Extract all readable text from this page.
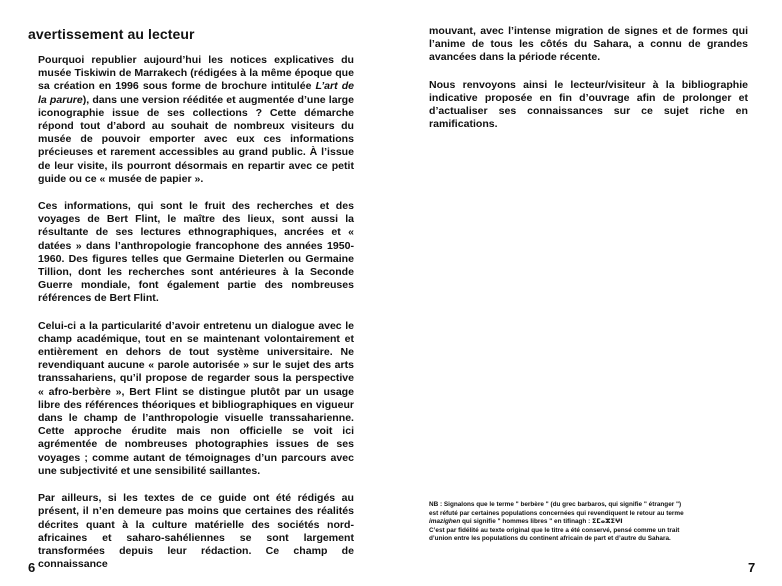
avertissement au lecteur

Pourquoi republier aujourd’hui les notices explicatives du musée Tiskiwin de Marrakech (rédigées à la même époque que sa création en 1996 sous forme de brochure intitulée L’art de la parure), dans une version rééditée et augmentée d’une large iconographie issue de ses collections ? Cette démarche répond tout d’abord au souhait de nombreux visiteurs du musée de pouvoir emporter avec eux ces informations précieuses et rarement accessibles au grand public. À l’issue de leur visite, ils pourront désormais en repartir avec ce petit guide ou ce « musée de papier ».

Ces informations, qui sont le fruit des recherches et des voyages de Bert Flint, le maître des lieux, sont aussi la résultante de ses lectures ethnographiques, ancrées et « datées » dans l’anthropologie francophone des années 1950-1960. Des figures telles que Germaine Dieterlen ou Germaine Tillion, dont les recherches sont antérieures à la Seconde Guerre mondiale, font également partie des nombreuses références de Bert Flint.

Celui-ci a la particularité d’avoir entretenu un dialogue avec le champ académique, tout en se maintenant volontairement et entièrement en dehors de tout système universitaire. Ne revendiquant aucune « parole autorisée » sur le sujet des arts transsahariens, qu’il propose de regarder sous la perspective « afro-berbère », Bert Flint se distingue plutôt par un usage libre des références théoriques et bibliographiques en vigueur dans le champ de l’anthropologie visuelle transsaharienne. Cette approche érudite mais non officielle se voit ici agrémentée de nombreuses photographies issues de ses voyages ; comme autant de témoignages d’un parcours avec une subjectivité et une sensibilité saillantes.

Par ailleurs, si les textes de ce guide ont été rédigés au présent, il n’en demeure pas moins que certaines des réalités décrites quant à la culture matérielle des sociétés nord-africaines et saharo-sahéliennes se sont largement transformées depuis leur rédaction. Ce champ de connaissance

6

mouvant, avec l’intense migration de signes et de formes qui l’anime de tous les côtés du Sahara, a connu de grandes avancées dans la période récente.

Nous renvoyons ainsi le lecteur/visiteur à la bibliographie indicative proposée en fin d’ouvrage afin de prolonger et d’actualiser ses connaissances sur ce sujet riche en ramifications.

NB : Signalons que le terme " berbère " (du grec barbaros, qui signifie " étranger ")

est réfuté par certaines populations concernées qui revendiquent le retour au terme

imazighen qui signifie " hommes libres " en tifinagh : ⵉⵎⴰⵣⵉⵖⵏ

C’est par fidélité au texte original que le titre a été conservé, pensé comme un trait

d’union entre les populations du continent africain de part et d’autre du Sahara.

7
